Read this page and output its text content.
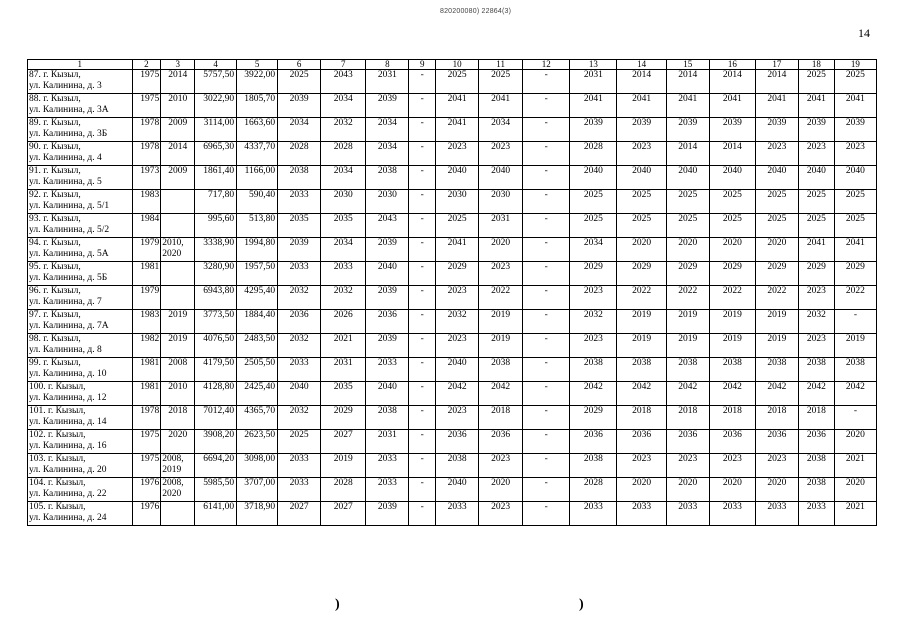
820200080) 22864(3)
14
1	2	3	4	5	6	7	8	9	10	11	12	13	14	15	16	17	18	19

87. г. Кызыл,
ул. Калинина, д. 3	1975	2014	5757,50	3922,00	2025	2043	2031	-	2025	2025	-	2031	2014	2014	2014	2014	2025	2025

88. г. Кызыл,
ул. Калинина, д. 3А	1975	2010	3022,90	1805,70	2039	2034	2039	-	2041	2041	-	2041	2041	2041	2041	2041	2041	2041

89. г. Кызыл,
ул. Калинина, д. 3Б	1978	2009	3114,00	1663,60	2034	2032	2034	-	2041	2034	-	2039	2039	2039	2039	2039	2039	2039

90. г. Кызыл,
ул. Калинина, д. 4	1978	2014	6965,30	4337,70	2028	2028	2034	-	2023	2023	-	2028	2023	2014	2014	2023	2023	2023

91. г. Кызыл,
ул. Калинина, д. 5	1973	2009	1861,40	1166,00	2038	2034	2038	-	2040	2040	-	2040	2040	2040	2040	2040	2040	2040

92. г. Кызыл,
ул. Калинина, д. 5/1	1983		717,80	590,40	2033	2030	2030	-	2030	2030	-	2025	2025	2025	2025	2025	2025	2025

93. г. Кызыл,
ул. Калинина, д. 5/2	1984		995,60	513,80	2035	2035	2043	-	2025	2031	-	2025	2025	2025	2025	2025	2025	2025

94. г. Кызыл,
ул. Калинина, д. 5А	1979	2010, 2020	3338,90	1994,80	2039	2034	2039	-	2041	2020	-	2034	2020	2020	2020	2020	2041	2041

95. г. Кызыл,
ул. Калинина, д. 5Б	1981		3280,90	1957,50	2033	2033	2040	-	2029	2023	-	2029	2029	2029	2029	2029	2029	2029

96. г. Кызыл,
ул. Калинина, д. 7	1979		6943,80	4295,40	2032	2032	2039	-	2023	2022	-	2023	2022	2022	2022	2022	2023	2022

97. г. Кызыл,
ул. Калинина, д. 7А	1983	2019	3773,50	1884,40	2036	2026	2036	-	2032	2019	-	2032	2019	2019	2019	2019	2032	-

98. г. Кызыл,
ул. Калинина, д. 8	1982	2019	4076,50	2483,50	2032	2021	2039	-	2023	2019	-	2023	2019	2019	2019	2019	2023	2019

99. г. Кызыл,
ул. Калинина, д. 10	1981	2008	4179,50	2505,50	2033	2031	2033	-	2040	2038	-	2038	2038	2038	2038	2038	2038	2038

100. г. Кызыл,
ул. Калинина, д. 12	1981	2010	4128,80	2425,40	2040	2035	2040	-	2042	2042	-	2042	2042	2042	2042	2042	2042	2042

101. г. Кызыл,
ул. Калинина, д. 14	1978	2018	7012,40	4365,70	2032	2029	2038	-	2023	2018	-	2029	2018	2018	2018	2018	2018	-

102. г. Кызыл,
ул. Калинина, д. 16	1975	2020	3908,20	2623,50	2025	2027	2031	-	2036	2036	-	2036	2036	2036	2036	2036	2036	2020

103. г. Кызыл,
ул. Калинина, д. 20	1975	2008, 2019	6694,20	3098,00	2033	2019	2033	-	2038	2023	-	2038	2023	2023	2023	2023	2038	2021

104. г. Кызыл,
ул. Калинина, д. 22	1976	2008, 2020	5985,50	3707,00	2033	2028	2033	-	2040	2020	-	2028	2020	2020	2020	2020	2038	2020

105. г. Кызыл,
ул. Калинина, д. 24	1976		6141,00	3718,90	2027	2027	2039	-	2033	2023	-	2033	2033	2033	2033	2033	2033	2021
)	)
